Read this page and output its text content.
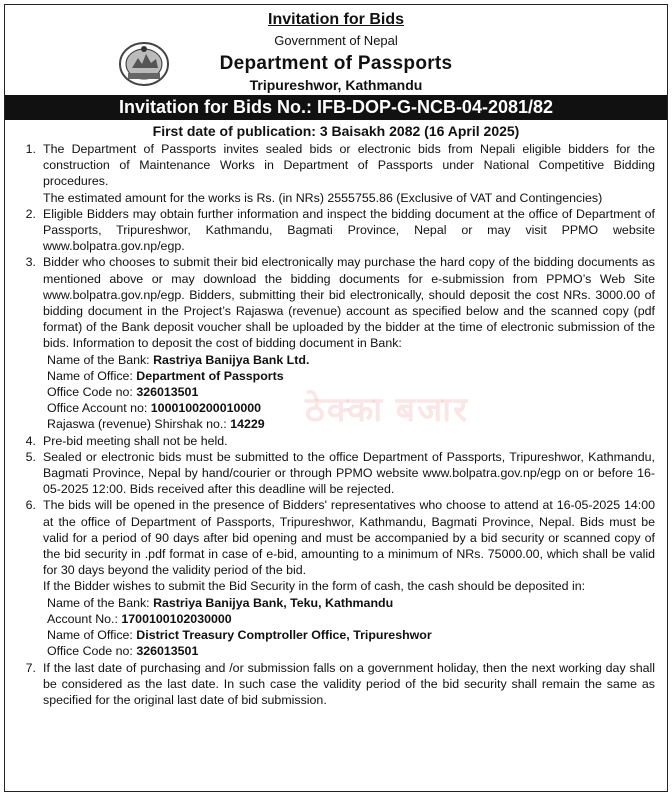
Invitation for Bids
Government of Nepal
Department of Passports
Tripureshwor, Kathmandu
Invitation for Bids No.: IFB-DOP-G-NCB-04-2081/82
First date of publication: 3 Baisakh 2082 (16 April 2025)
1. The Department of Passports invites sealed bids or electronic bids from Nepali eligible bidders for the construction of Maintenance Works in Department of Passports under National Competitive Bidding procedures.

The estimated amount for the works is Rs. (in NRs) 2555755.86 (Exclusive of VAT and Contingencies)

2. Eligible Bidders may obtain further information and inspect the bidding document at the office of Department of Passports, Tripureshwor, Kathmandu, Bagmati Province, Nepal or may visit PPMO website www.bolpatra.gov.np/egp.

3. Bidder who chooses to submit their bid electronically may purchase the hard copy of the bidding documents as mentioned above or may download the bidding documents for e-submission from PPMO’s Web Site www.bolpatra.gov.np/egp. Bidders, submitting their bid electronically, should deposit the cost NRs. 3000.00 of bidding document in the Project’s Rajaswa (revenue) account as specified below and the scanned copy (pdf format) of the Bank deposit voucher shall be uploaded by the bidder at the time of electronic submission of the bids. Information to deposit the cost of bidding document in Bank:

Name of the Bank: Rastriya Banijya Bank Ltd.
Name of Office: Department of Passports
Office Code no: 326013501
Office Account no: 1000100200010000
Rajaswa (revenue) Shirshak no.: 14229
4. Pre-bid meeting shall not be held.

5. Sealed or electronic bids must be submitted to the office Department of Passports, Tripureshwor, Kathmandu, Bagmati Province, Nepal by hand/courier or through PPMO website www.bolpatra.gov.np/egp on or before 16-05-2025 12:00. Bids received after this deadline will be rejected.

6. The bids will be opened in the presence of Bidders' representatives who choose to attend at 16-05-2025 14:00 at the office of Department of Passports, Tripureshwor, Kathmandu, Bagmati Province, Nepal. Bids must be valid for a period of 90 days after bid opening and must be accompanied by a bid security or scanned copy of the bid security in .pdf format in case of e-bid, amounting to a minimum of NRs. 75000.00, which shall be valid for 30 days beyond the validity period of the bid.

If the Bidder wishes to submit the Bid Security in the form of cash, the cash should be deposited in:

Name of the Bank: Rastriya Banijya Bank, Teku, Kathmandu
Account No.: 1700100102030000
Name of Office: District Treasury Comptroller Office, Tripureshwor
Office Code no: 326013501
7. If the last date of purchasing and /or submission falls on a government holiday, then the next working day shall be considered as the last date. In such case the validity period of the bid security shall remain the same as specified for the original last date of bid submission.

ठेक्का बजार
